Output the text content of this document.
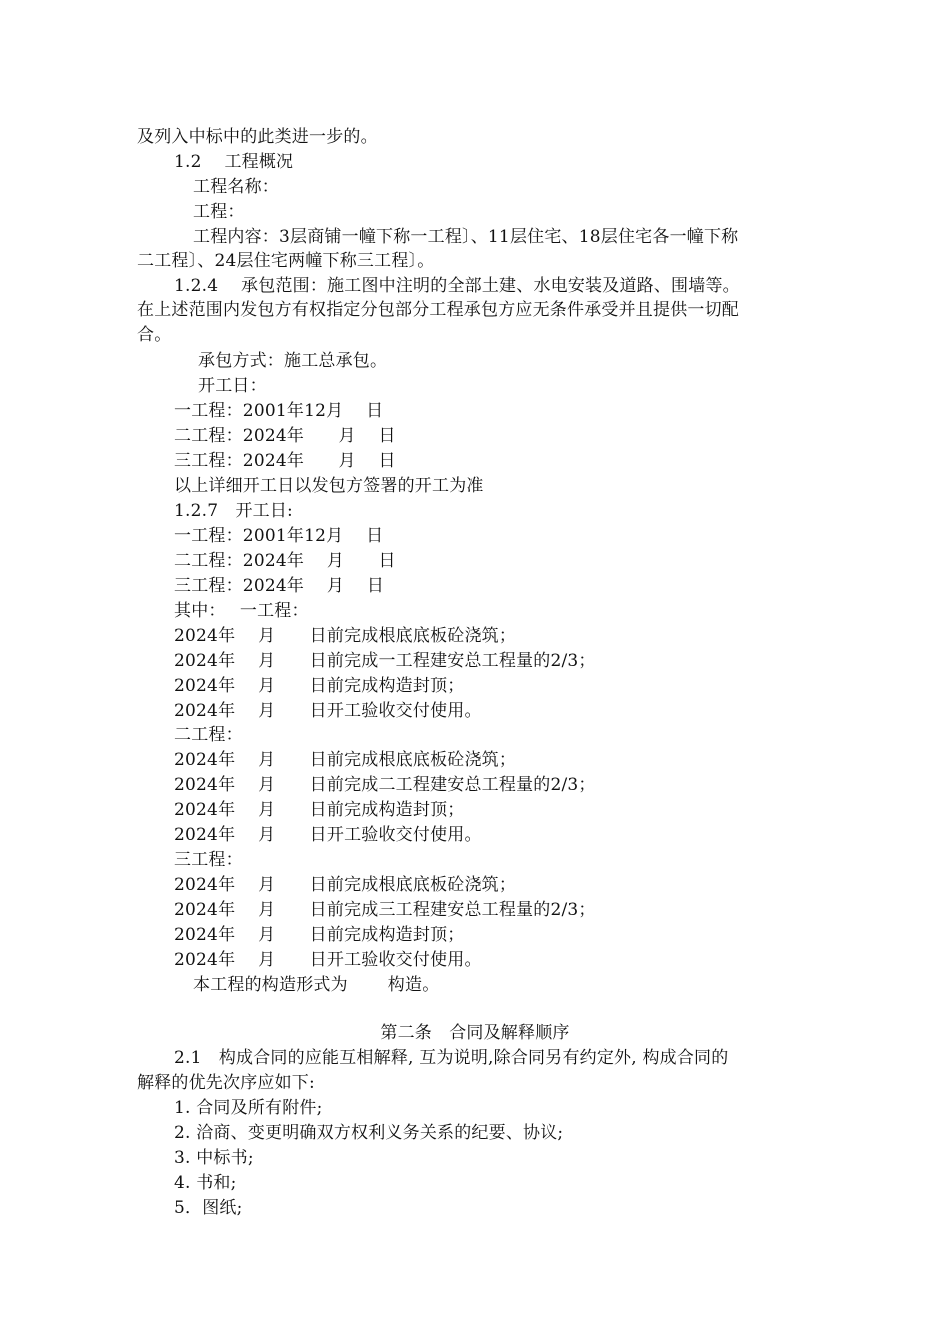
及列入中标中的此类进一步的。
1.2　 工程概况
工程名称：
工程：
工程内容：3层商铺一幢下称一工程〕、11层住宅、18层住宅各一幢下称
二工程〕、24层住宅两幢下称三工程〕。
1.2.4　 承包范围：施工图中注明的全部土建、水电安装及道路、围墙等。
在上述范围内发包方有权指定分包部分工程承包方应无条件承受并且提供一切配
合。
承包方式：施工总承包。
开工日：
一工程：2001年12月　 日
二工程：2024年　　月　 日
三工程：2024年　　月　 日
以上详细开工日以发包方签署的开工为准
1.2.7　开工日:
一工程：2001年12月　 日
二工程：2024年　 月　　日
三工程：2024年　 月　 日
其中：　 一工程：
2024年　 月　　日前完成根底底板砼浇筑；
2024年　 月　　日前完成一工程建安总工程量的2/3；
2024年　 月　　日前完成构造封顶；
2024年　 月　　日开工验收交付使用。
二工程：
2024年　 月　　日前完成根底底板砼浇筑；
2024年　 月　　日前完成二工程建安总工程量的2/3；
2024年　 月　　日前完成构造封顶；
2024年　 月　　日开工验收交付使用。
三工程：
2024年　 月　　日前完成根底底板砼浇筑；
2024年　 月　　日前完成三工程建安总工程量的2/3；
2024年　 月　　日前完成构造封顶；
2024年　 月　　日开工验收交付使用。
本工程的构造形式为　　 构造。
第二条　合同及解释顺序
2.1　构成合同的应能互相解释, 互为说明,除合同另有约定外, 构成合同的
解释的优先次序应如下:
1. 合同及所有附件;
2. 洽商、变更明确双方权利义务关系的纪要、协议;
3. 中标书;
4. 书和;
5．图纸;
